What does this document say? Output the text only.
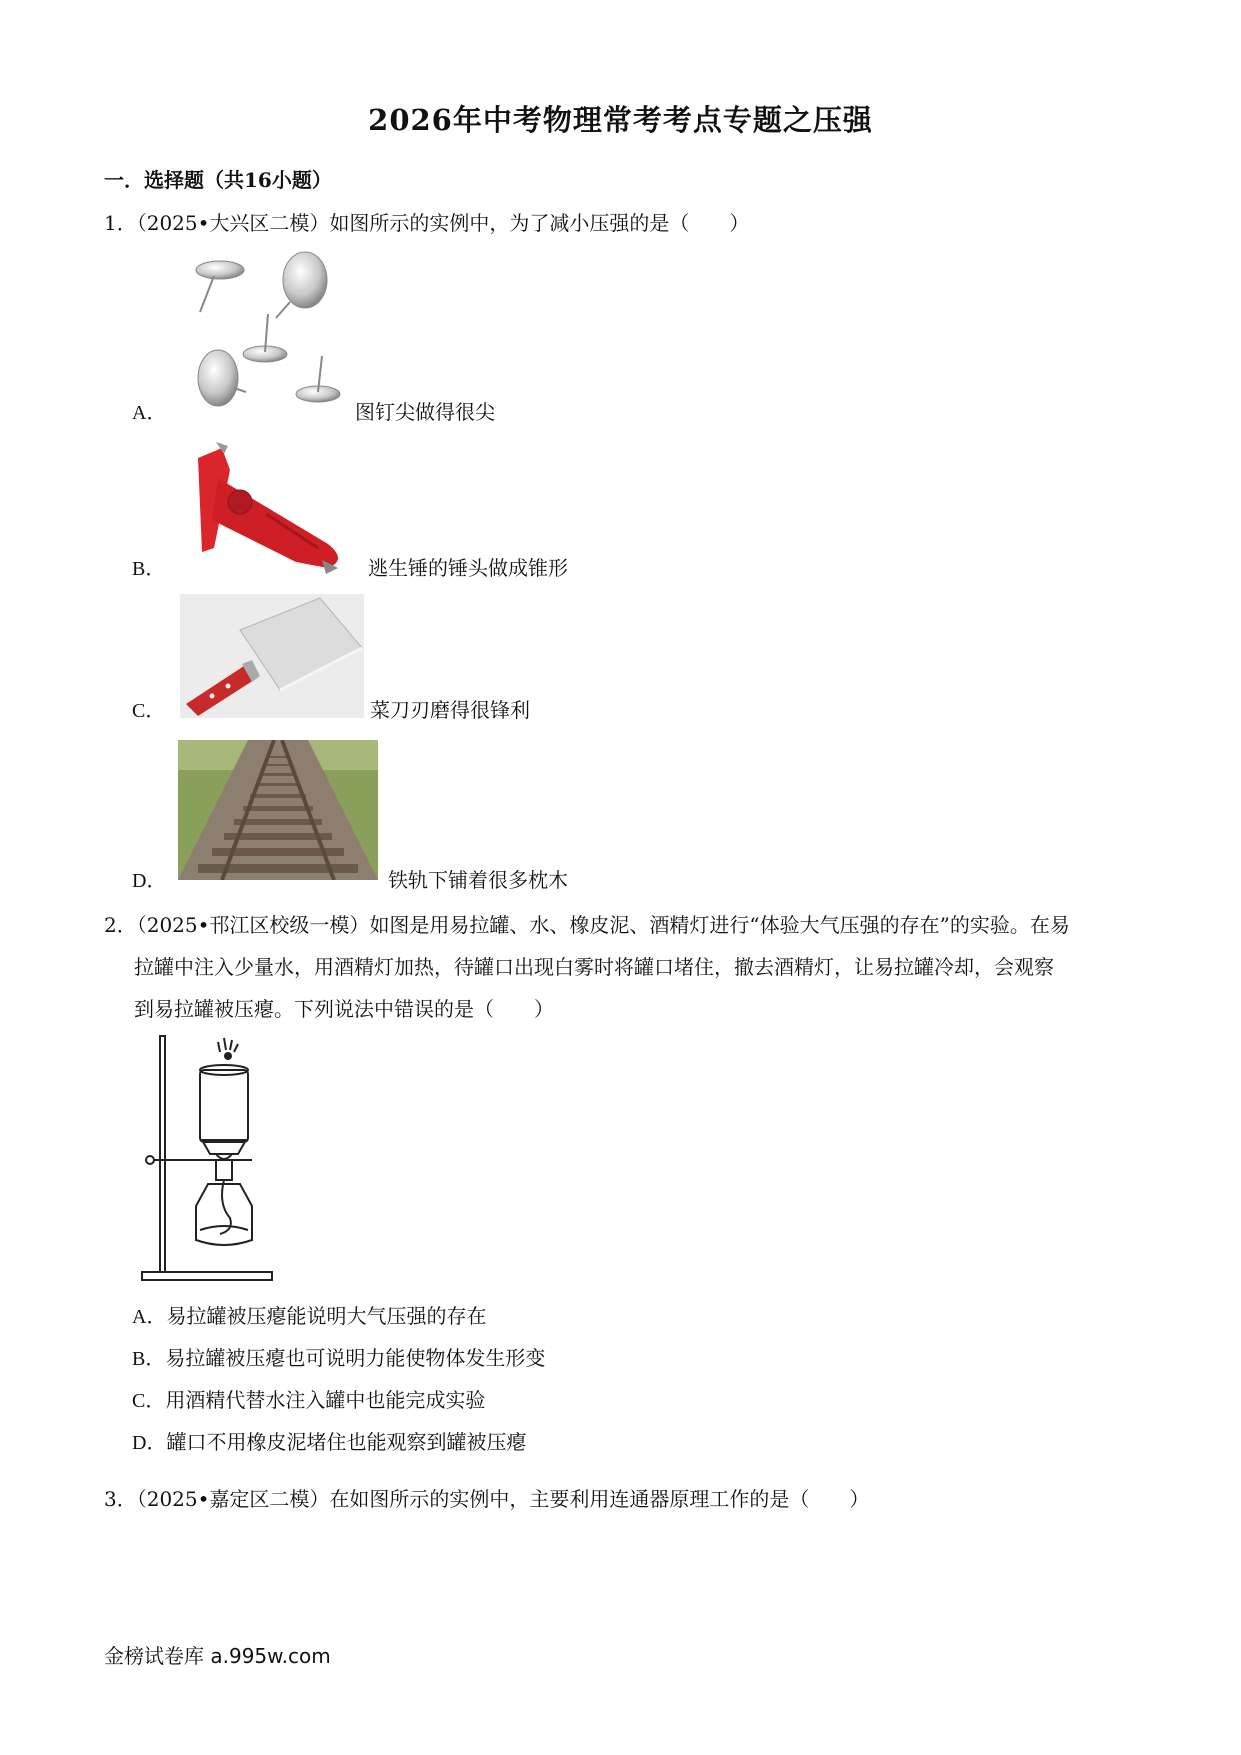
2026年中考物理常考考点专题之压强
一．选择题（共16小题）
1．（2025•大兴区二模）如图所示的实例中，为了减小压强的是（　　）
A．	图钉尖做得很尖
B．	逃生锤的锤头做成锥形
C．	菜刀刃磨得很锋利
D．	铁轨下铺着很多枕木
2．（2025•邗江区校级一模）如图是用易拉罐、水、橡皮泥、酒精灯进行“体验大气压强的存在”的实验。在易
拉罐中注入少量水，用酒精灯加热，待罐口出现白雾时将罐口堵住，撤去酒精灯，让易拉罐冷却，会观察
到易拉罐被压瘪。下列说法中错误的是（　　）
A．易拉罐被压瘪能说明大气压强的存在
B．易拉罐被压瘪也可说明力能使物体发生形变
C．用酒精代替水注入罐中也能完成实验
D．罐口不用橡皮泥堵住也能观察到罐被压瘪
3．（2025•嘉定区二模）在如图所示的实例中，主要利用连通器原理工作的是（　　）
金榜试卷库 a.995w.com
